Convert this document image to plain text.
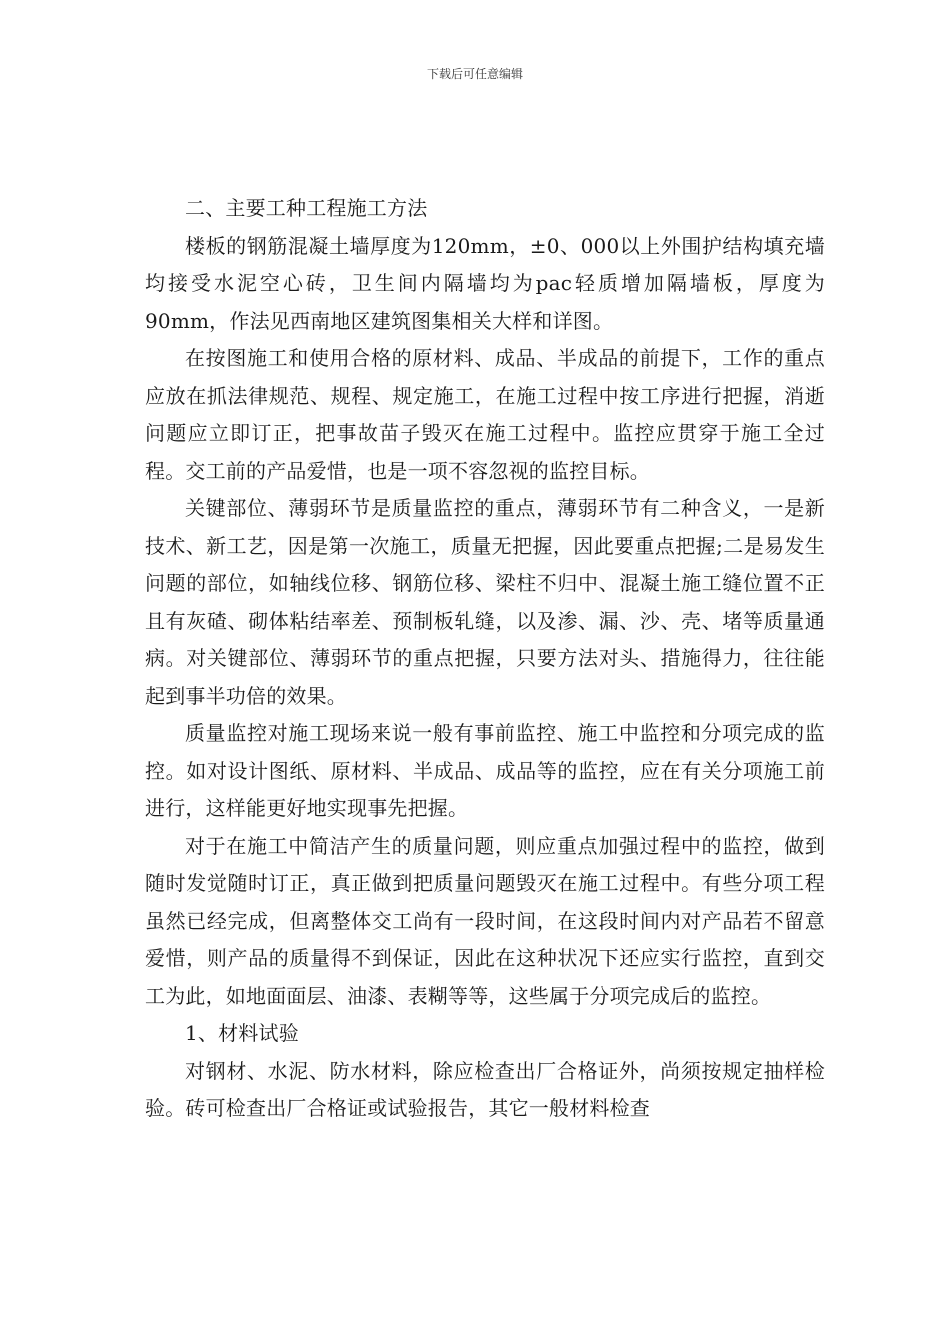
下载后可任意编辑

二、主要工种工程施工方法

楼板的钢筋混凝土墙厚度为120mm，±0、000以上外围护结构填充墙均接受水泥空心砖，卫生间内隔墙均为pac轻质增加隔墙板，厚度为90mm，作法见西南地区建筑图集相关大样和详图。

在按图施工和使用合格的原材料、成品、半成品的前提下，工作的重点应放在抓法律规范、规程、规定施工，在施工过程中按工序进行把握，消逝问题应立即订正，把事故苗子毁灭在施工过程中。监控应贯穿于施工全过程。交工前的产品爱惜，也是一项不容忽视的监控目标。

关键部位、薄弱环节是质量监控的重点，薄弱环节有二种含义，一是新技术、新工艺，因是第一次施工，质量无把握，因此要重点把握;二是易发生问题的部位，如轴线位移、钢筋位移、梁柱不归中、混凝土施工缝位置不正且有灰碴、砌体粘结率差、预制板轧缝，以及渗、漏、沙、壳、堵等质量通病。对关键部位、薄弱环节的重点把握，只要方法对头、措施得力，往往能起到事半功倍的效果。

质量监控对施工现场来说一般有事前监控、施工中监控和分项完成的监控。如对设计图纸、原材料、半成品、成品等的监控，应在有关分项施工前进行，这样能更好地实现事先把握。

对于在施工中简洁产生的质量问题，则应重点加强过程中的监控，做到随时发觉随时订正，真正做到把质量问题毁灭在施工过程中。有些分项工程虽然已经完成，但离整体交工尚有一段时间，在这段时间内对产品若不留意爱惜，则产品的质量得不到保证，因此在这种状况下还应实行监控，直到交工为此，如地面面层、油漆、表糊等等，这些属于分项完成后的监控。

1、材料试验

对钢材、水泥、防水材料，除应检查出厂合格证外，尚须按规定抽样检验。砖可检查出厂合格证或试验报告，其它一般材料检查
